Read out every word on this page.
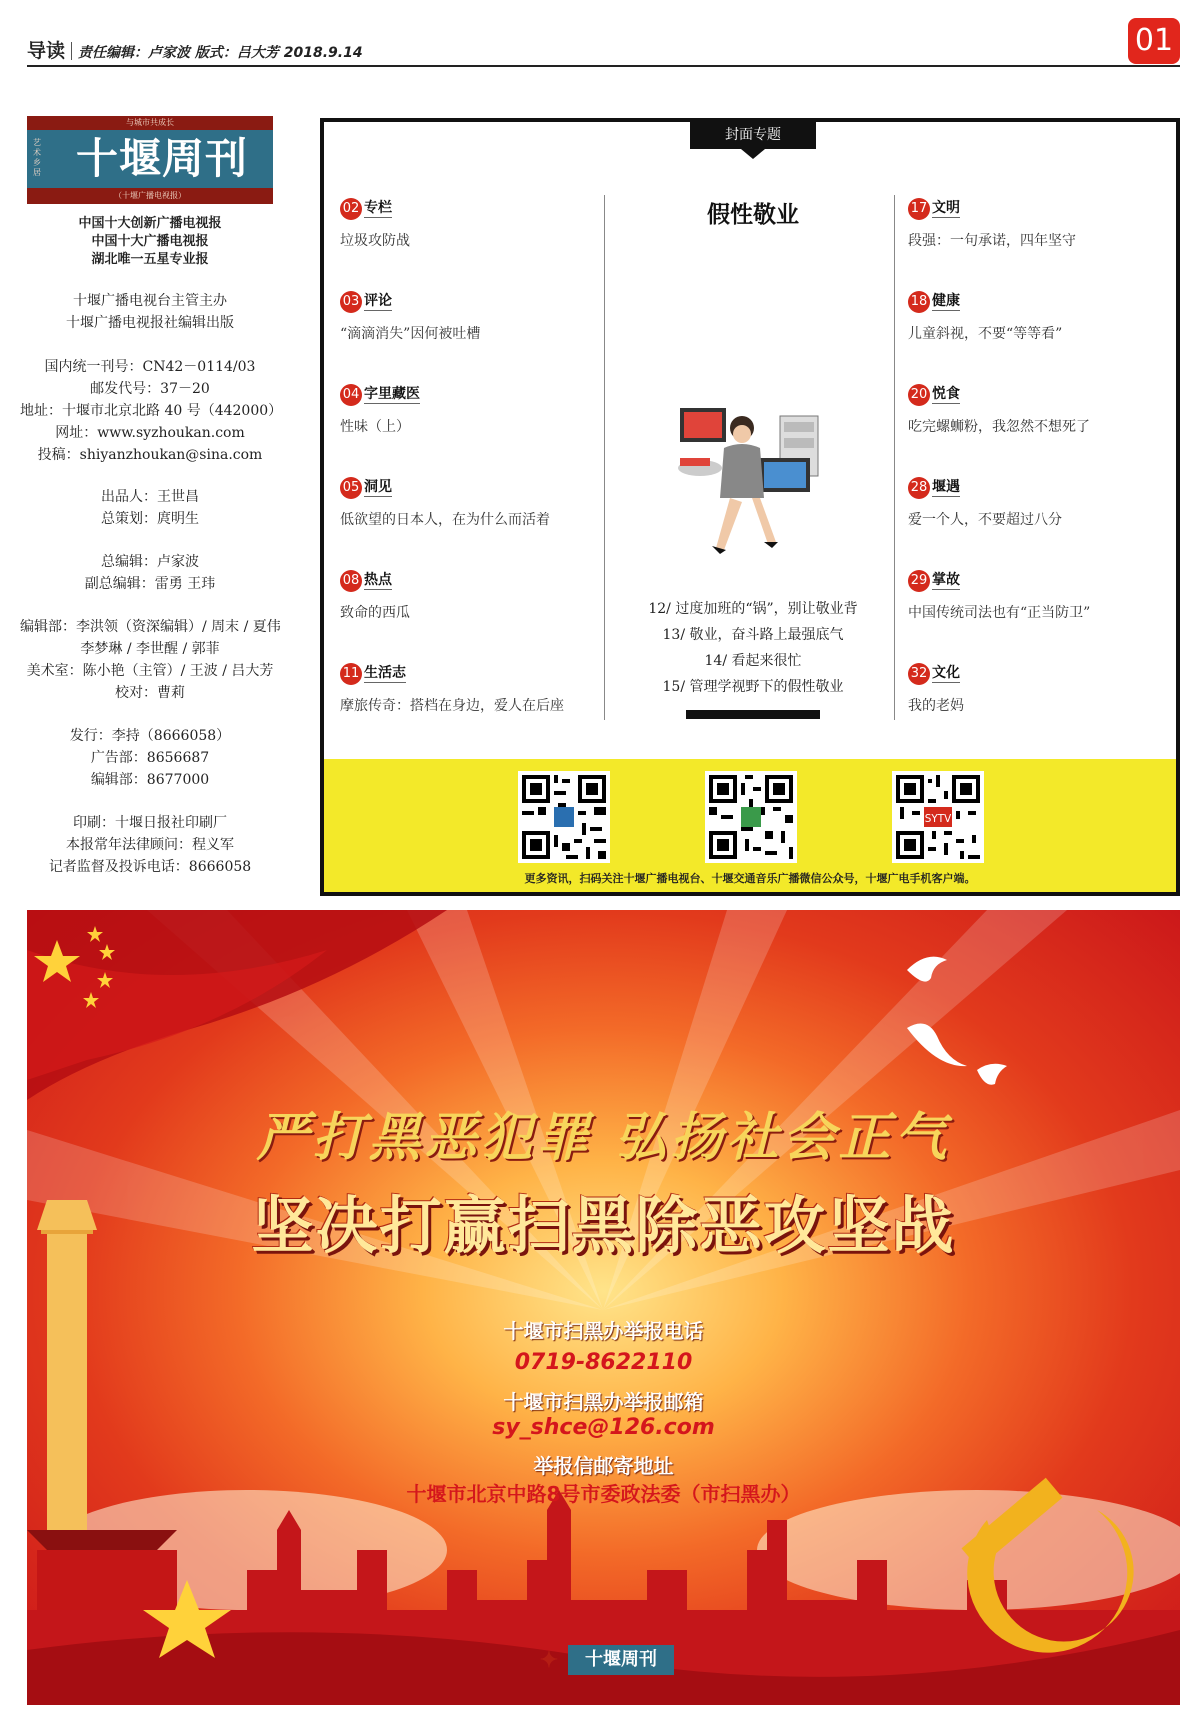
导读 责任编辑：卢家波 版式：吕大芳 2018.9.14	01
与城市共成长
艺术乡居 十堰周刊
（十堰广播电视报）
中国十大创新广播电视报
中国十大广播电视报
湖北唯一五星专业报
十堰广播电视台主管主办
十堰广播电视报社编辑出版
国内统一刊号：CN42－0114/03
邮发代号：37－20
地址：十堰市北京北路 40 号（442000）
网址：www.syzhoukan.com
投稿：shiyanzhoukan@sina.com
出品人：王世昌
总策划：庹明生
总编辑：卢家波
副总编辑：雷勇 王玮
编辑部：李洪领（资深编辑）/ 周末 / 夏伟
李梦琳 / 李世醒 / 郭菲
美术室：陈小艳（主管）/ 王波 / 吕大芳
校对：曹莉
发行：李持（8666058）
广告部：8656687
编辑部：8677000
印刷：十堰日报社印刷厂
本报常年法律顾问：程义军
记者监督及投诉电话：8666058
封面专题
02 专栏
垃圾攻防战
03 评论
“滴滴消失”因何被吐槽
04 字里藏医
性味（上）
05 洞见
低欲望的日本人，在为什么而活着
08 热点
致命的西瓜
11 生活志
摩旅传奇：搭档在身边，爱人在后座
17 文明
段强：一句承诺，四年坚守
18 健康
儿童斜视，不要“等等看”
20 悦食
吃完螺蛳粉，我忽然不想死了
28 堰遇
爱一个人，不要超过八分
29 掌故
中国传统司法也有“正当防卫”
32 文化
我的老妈
假性敬业
12/ 过度加班的“锅”，别让敬业背
13/ 敬业，奋斗路上最强底气
14/ 看起来很忙
15/ 管理学视野下的假性敬业
SYTV
更多资讯，扫码关注十堰广播电视台、十堰交通音乐广播微信公众号，十堰广电手机客户端。
严打黑恶犯罪 弘扬社会正气
坚决打赢扫黑除恶攻坚战
十堰市扫黑办举报电话
0719-8622110
十堰市扫黑办举报邮箱
sy_shce@126.com
举报信邮寄地址
十堰市北京中路8号市委政法委（市扫黑办）
✦	十堰周刊
